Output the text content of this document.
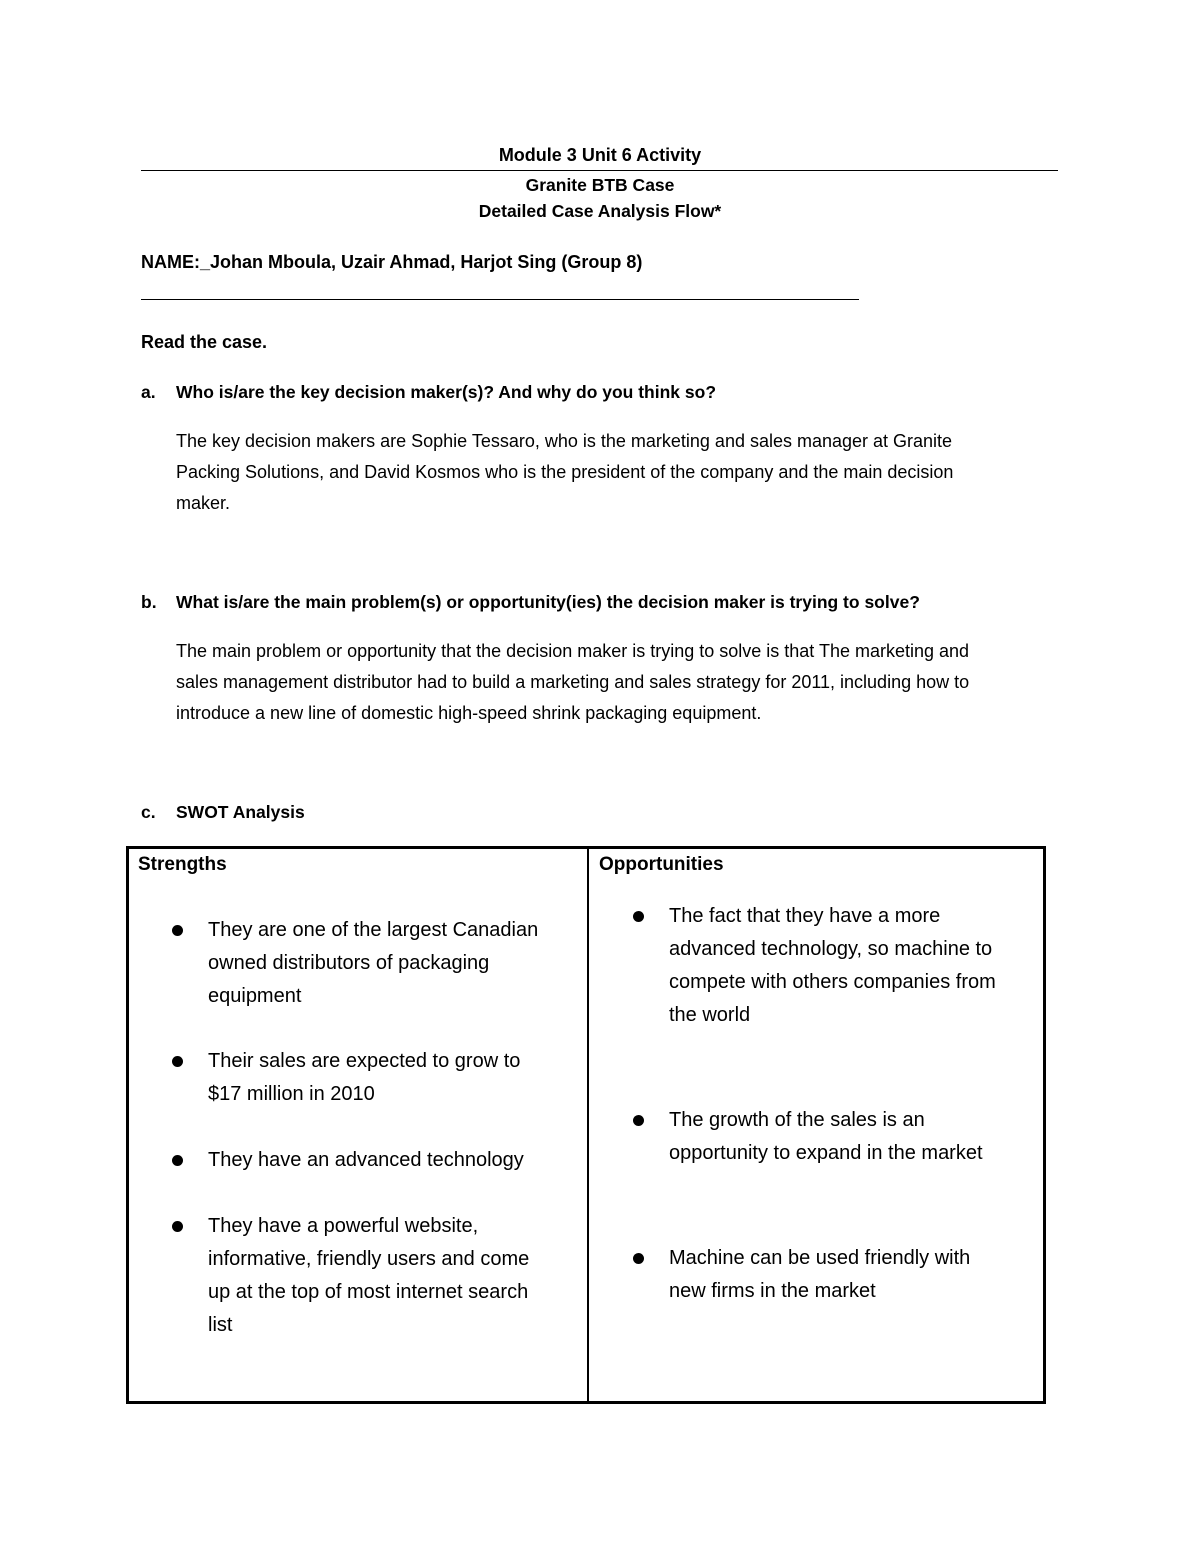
Module 3 Unit 6 Activity
Granite BTB Case
Detailed Case Analysis Flow*
NAME:_Johan Mboula, Uzair Ahmad, Harjot Sing (Group 8)
Read the case.
a. Who is/are the key decision maker(s)? And why do you think so?
The key decision makers are Sophie Tessaro, who is the marketing and sales manager at Granite
Packing Solutions, and David Kosmos who is the president of the company and the main decision
maker.
b. What is/are the main problem(s) or opportunity(ies) the decision maker is trying to solve?
The main problem or opportunity that the decision maker is trying to solve is that The marketing and
sales management distributor had to build a marketing and sales strategy for 2011, including how to
introduce a new line of domestic high-speed shrink packaging equipment.
c. SWOT Analysis
Strengths
They are one of the largest Canadian
owned distributors of packaging
equipment
Their sales are expected to grow to
$17 million in 2010
They have an advanced technology
They have a powerful website,
informative, friendly users and come
up at the top of most internet search
list
Opportunities
The fact that they have a more
advanced technology, so machine to
compete with others companies from
the world
The growth of the sales is an
opportunity to expand in the market
Machine can be used friendly with
new firms in the market
